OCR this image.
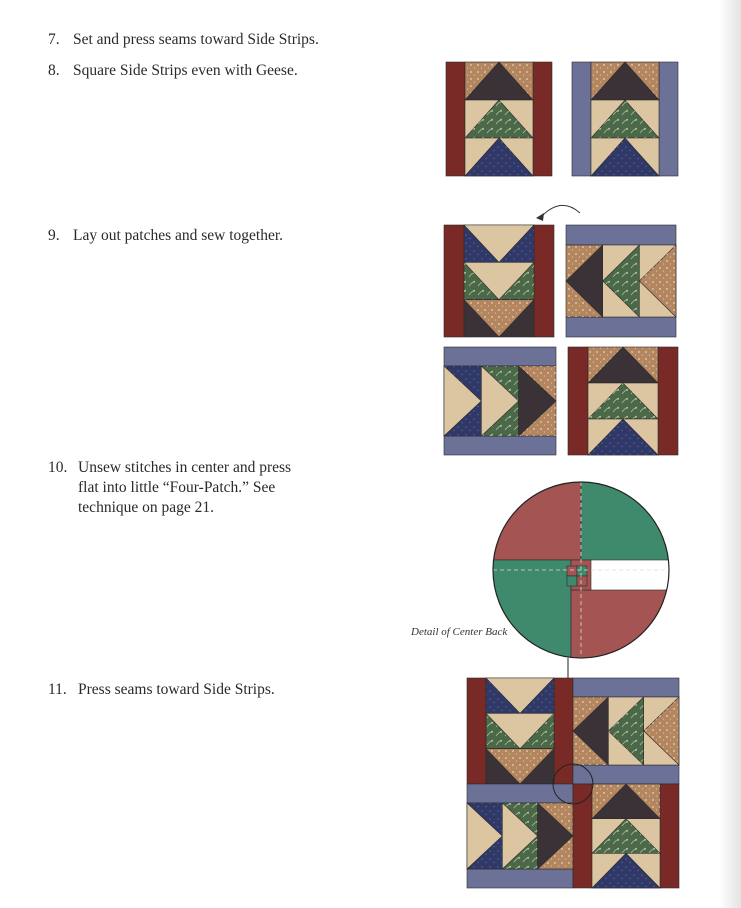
7. Set and press seams toward Side Strips.
8. Square Side Strips even with Geese.
9. Lay out patches and sew together.
10. Unsew stitches in center and press
flat into little “Four-Patch.” See
technique on page 21.
11. Press seams toward Side Strips.
Detail of Center Back
